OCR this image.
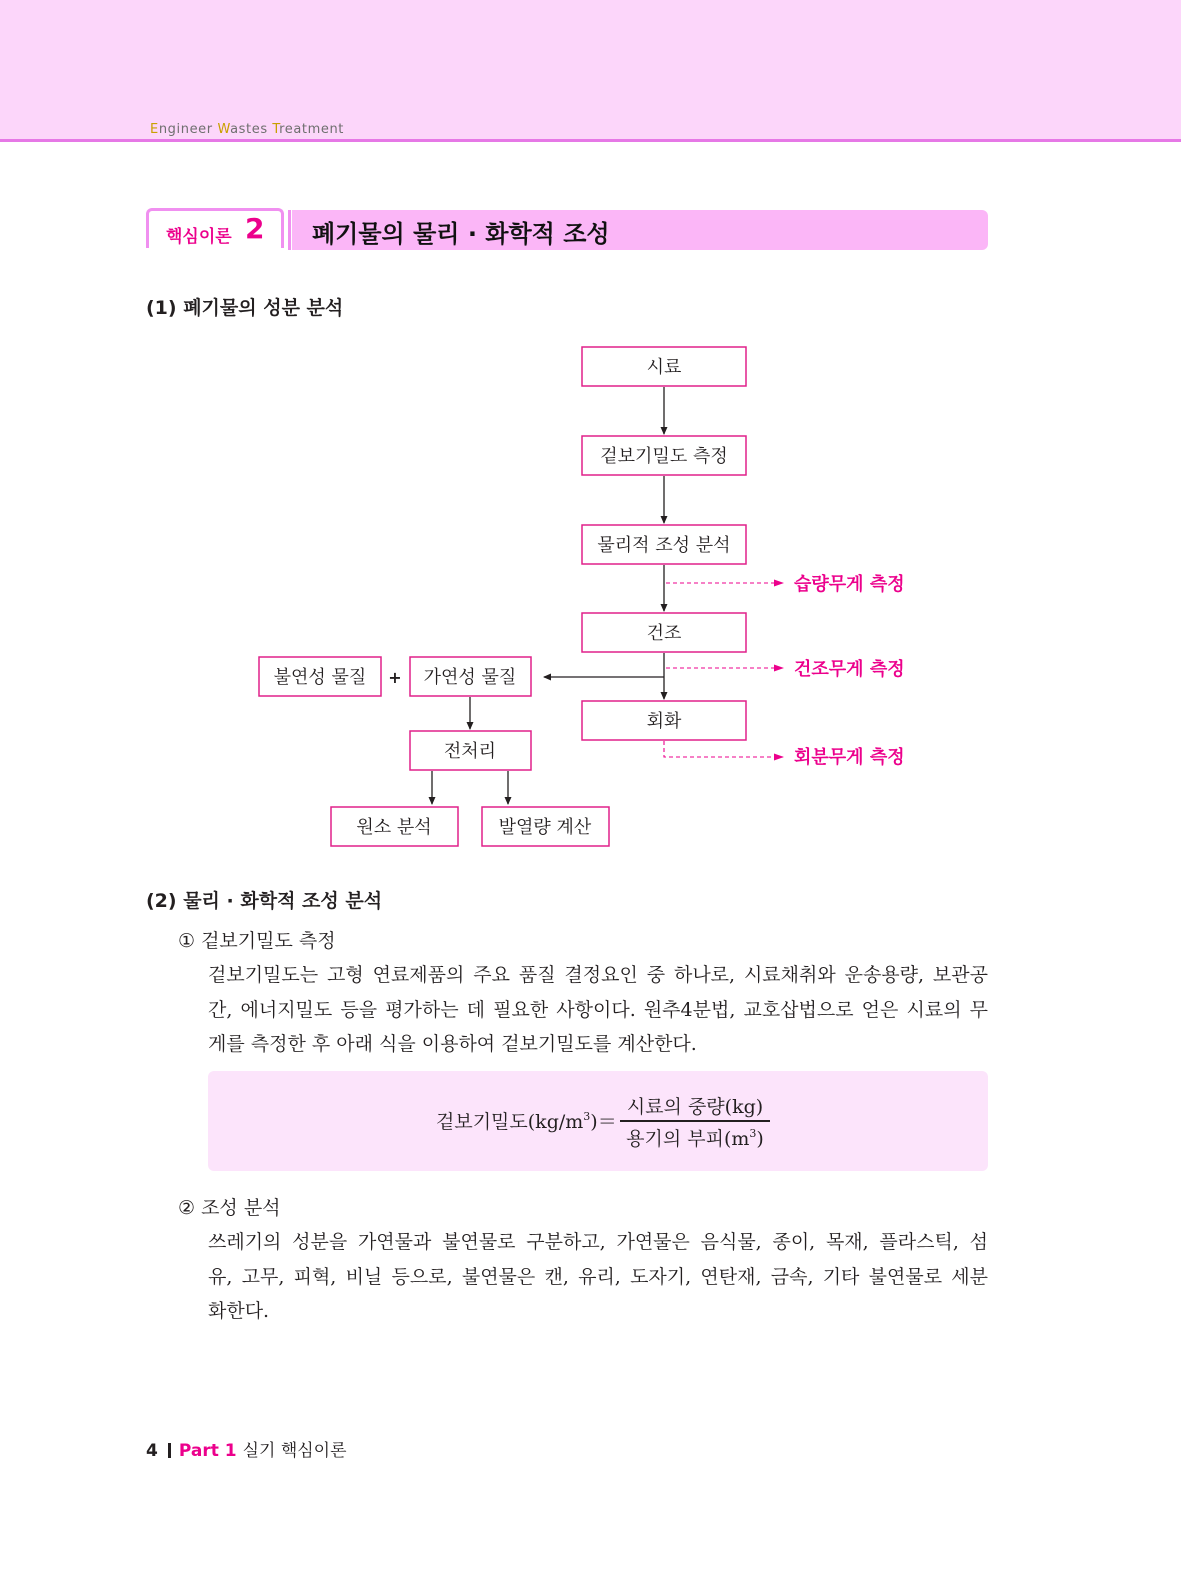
Engineer Wastes Treatment
핵심이론 2 폐기물의 물리 · 화학적 조성
(1) 폐기물의 성분 분석
시료
겉보기밀도 측정
물리적 조성 분석
건조
회화
불연성 물질	가연성 물질
전처리
원소 분석	발열량 계산
+
습량무게 측정
건조무게 측정
회분무게 측정
(2) 물리 · 화학적 조성 분석
① 겉보기밀도 측정
겉보기밀도는 고형 연료제품의 주요 품질 결정요인 중 하나로, 시료채취와 운송용량, 보관공
간, 에너지밀도 등을 평가하는 데 필요한 사항이다. 원추4분법, 교호삽법으로 얻은 시료의 무
게를 측정한 후 아래 식을 이용하여 겉보기밀도를 계산한다.
겉보기밀도$(kg/m^3)=$
시료의 중량(kg)
용기의 부피$(m^3)$
② 조성 분석
쓰레기의 성분을 가연물과 불연물로 구분하고, 가연물은 음식물, 종이, 목재, 플라스틱, 섬
유, 고무, 피혁, 비닐 등으로, 불연물은 캔, 유리, 도자기, 연탄재, 금속, 기타 불연물로 세분
화한다.
4 Part 1 실기 핵심이론
